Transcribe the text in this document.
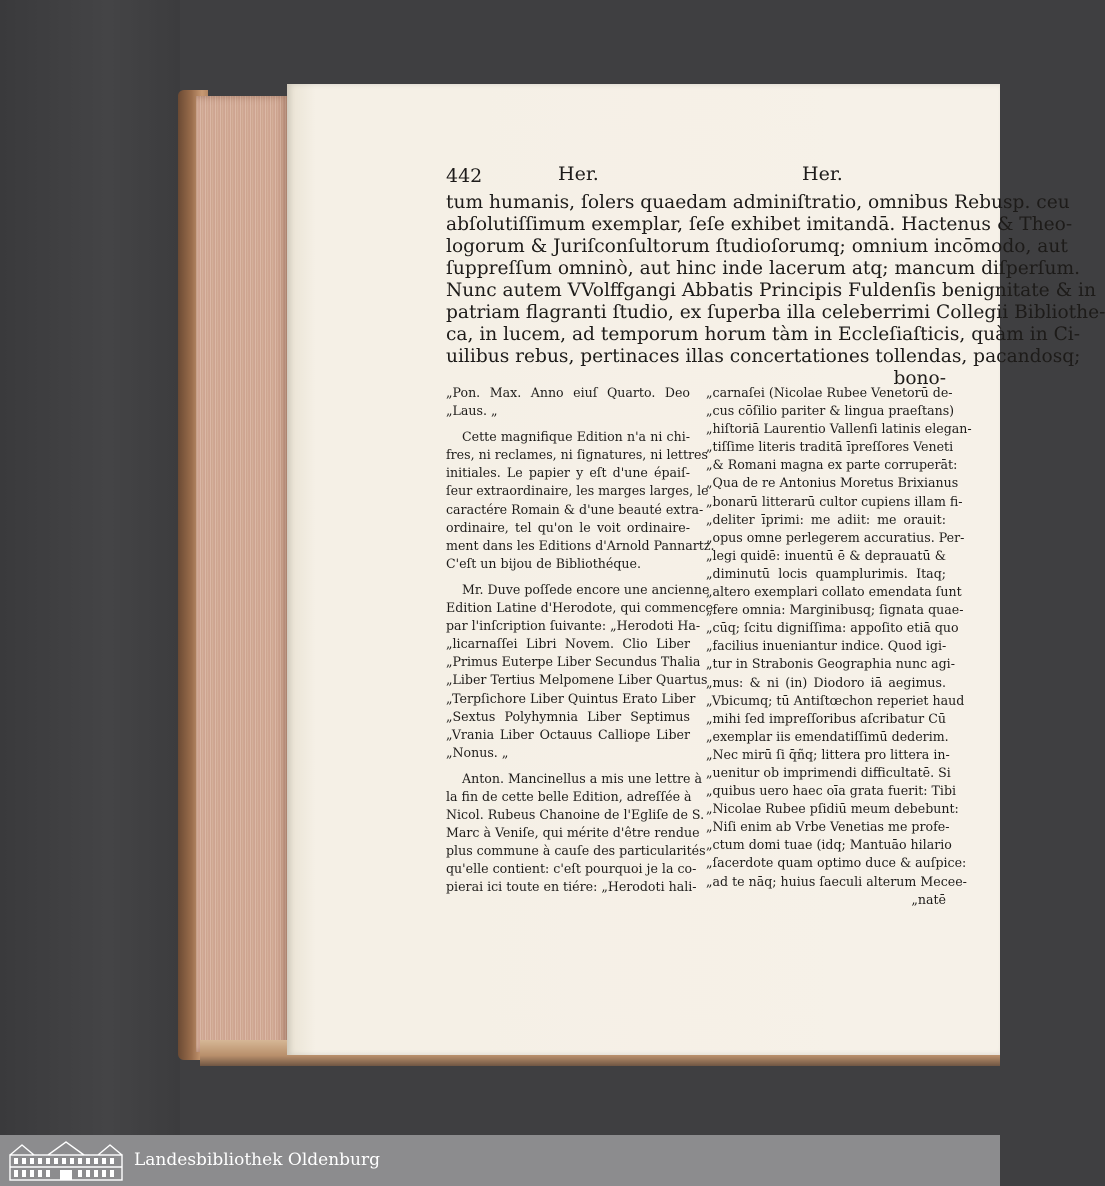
442	Her.	Her.
tum humanis, ſolers quaedam adminiſtratio, omnibus Rebusp. ceu
abſolutiſſimum exemplar, ſeſe exhibet imitandā. Hactenus & Theo-
logorum & Juriſconſultorum ſtudioſorumq; omnium incōmodo, aut
ſuppreſſum omninò, aut hinc inde lacerum atq; mancum diſperſum.
Nunc autem VVolffgangi Abbatis Principis Fuldenſis benignitate & in
patriam flagranti ſtudio, ex ſuperba illa celeberrimi Collegii Bibliothe-
ca, in lucem, ad temporum horum tàm in Eccleſiaſticis, quàm in Ci-
uilibus rebus, pertinaces illas concertationes tollendas, pacandosq;
bono-

„Pon. Max. Anno eiuſ Quarto. Deo
„Laus. „

Cette magnifique Edition n'a ni chi-
fres, ni reclames, ni ſignatures, ni lettres
initiales. Le papier y eſt d'une épaiſ-
ſeur extraordinaire, les marges larges, le
caractére Romain & d'une beauté extra-
ordinaire, tel qu'on le voit ordinaire-
ment dans les Editions d'Arnold Pannartz.
C'eſt un bijou de Bibliothéque.

Mr. Duve poſſede encore une ancienne
Edition Latine d'Herodote, qui commence
par l'inſcription ſuivante: „Herodoti Ha-
„licarnaſſei Libri Novem. Clio Liber
„Primus Euterpe Liber Secundus Thalia
„Liber Tertius Melpomene Liber Quartus
„Terpſichore Liber Quintus Erato Liber
„Sextus Polyhymnia Liber Septimus
„Vrania Liber Octauus Calliope Liber
„Nonus. „

Anton. Mancinellus a mis une lettre à
la fin de cette belle Edition, adreſſée à
Nicol. Rubeus Chanoine de l'Egliſe de S.
Marc à Veniſe, qui mérite d'être rendue
plus commune à cauſe des particularités
qu'elle contient: c'eſt pourquoi je la co-
pierai ici toute en tiére: „Herodoti hali-

„carnaſei (Nicolae Rubee Venetorū de-
„cus cōſilio pariter & lingua praeſtans)
„hiſtoriā Laurentio Vallenſi latinis elegan-
„tiſſime literis traditā īpreſſores Veneti
„& Romani magna ex parte corruperāt:
„Qua de re Antonius Moretus Brixianus
„bonarū litterarū cultor cupiens illam fi-
„deliter īprimi: me adiit: me orauit:
„opus omne perlegerem accuratius. Per-
„legi quidē: inuentū ē & deprauatū &
„diminutū locis quamplurimis. Itaq;
„altero exemplari collato emendata ſunt
„fere omnia: Marginibusq; ſignata quae-
„cūq; ſcitu digniſſima: appoſito etiā quo
„facilius inueniantur indice. Quod igi-
„tur in Strabonis Geographia nunc agi-
„mus: & ni (in) Diodoro iā aegimus.
„Vbicumq; tū Antiſtœchon reperiet haud
„mihi ſed impreſſoribus aſcribatur Cū
„exemplar iis emendatiſſimū dederim.
„Nec mirū ſi q̄ñq; littera pro littera in-
„uenitur ob imprimendi difficultatē. Si
„quibus uero haec oīa grata fuerit: Tibi
„Nicolae Rubee pſidiū meum debebunt:
„Niſi enim ab Vrbe Venetias me profe-
„ctum domi tuae (idq; Mantuāo hilario
„ſacerdote quam optimo duce & auſpice:
„ad te nāq; huius ſaeculi alterum Mecee-
„natē

Landesbibliothek Oldenburg
